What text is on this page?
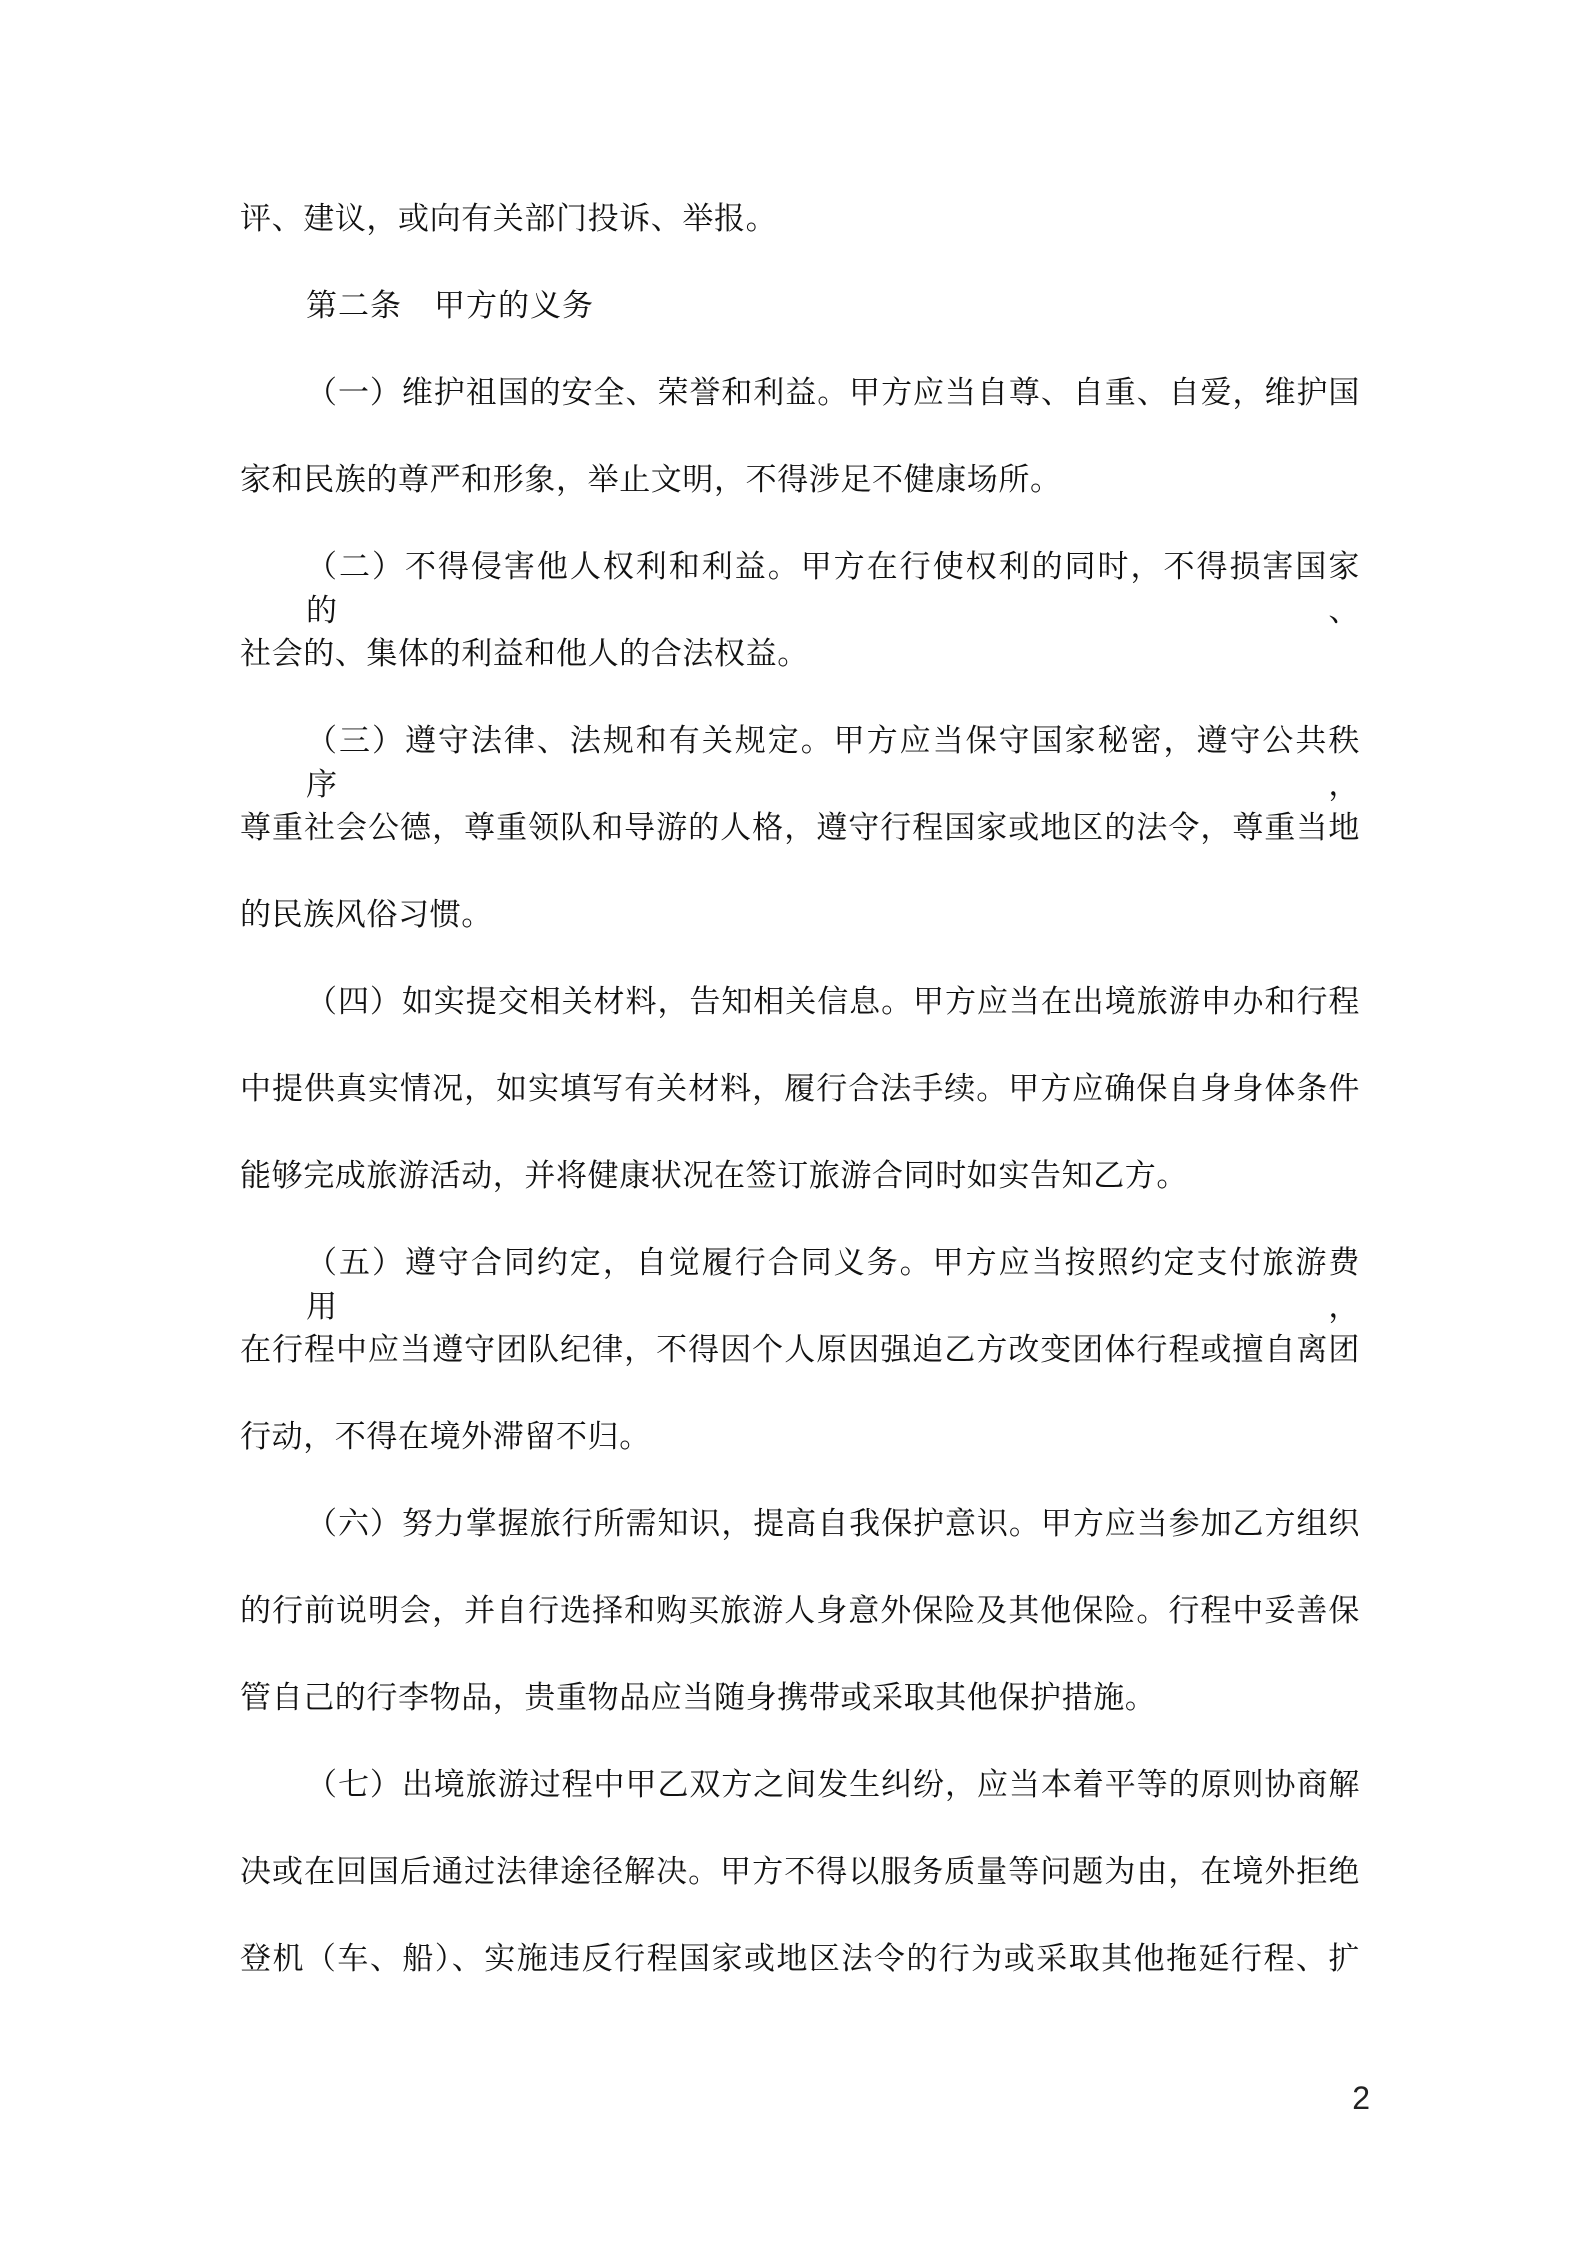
评、建议，或向有关部门投诉、举报。
第二条　甲方的义务
（一）维护祖国的安全、荣誉和利益。甲方应当自尊、自重、自爱，维护国
家和民族的尊严和形象，举止文明，不得涉足不健康场所。
（二）不得侵害他人权利和利益。甲方在行使权利的同时，不得损害国家的、
社会的、集体的利益和他人的合法权益。
（三）遵守法律、法规和有关规定。甲方应当保守国家秘密，遵守公共秩序，
尊重社会公德，尊重领队和导游的人格，遵守行程国家或地区的法令，尊重当地
的民族风俗习惯。
（四）如实提交相关材料，告知相关信息。甲方应当在出境旅游申办和行程
中提供真实情况，如实填写有关材料，履行合法手续。甲方应确保自身身体条件
能够完成旅游活动，并将健康状况在签订旅游合同时如实告知乙方。
（五）遵守合同约定，自觉履行合同义务。甲方应当按照约定支付旅游费用，
在行程中应当遵守团队纪律，不得因个人原因强迫乙方改变团体行程或擅自离团
行动，不得在境外滞留不归。
（六）努力掌握旅行所需知识，提高自我保护意识。甲方应当参加乙方组织
的行前说明会，并自行选择和购买旅游人身意外保险及其他保险。行程中妥善保
管自己的行李物品，贵重物品应当随身携带或采取其他保护措施。
（七）出境旅游过程中甲乙双方之间发生纠纷，应当本着平等的原则协商解
决或在回国后通过法律途径解决。甲方不得以服务质量等问题为由，在境外拒绝
登机（车、船）、实施违反行程国家或地区法令的行为或采取其他拖延行程、扩
2
